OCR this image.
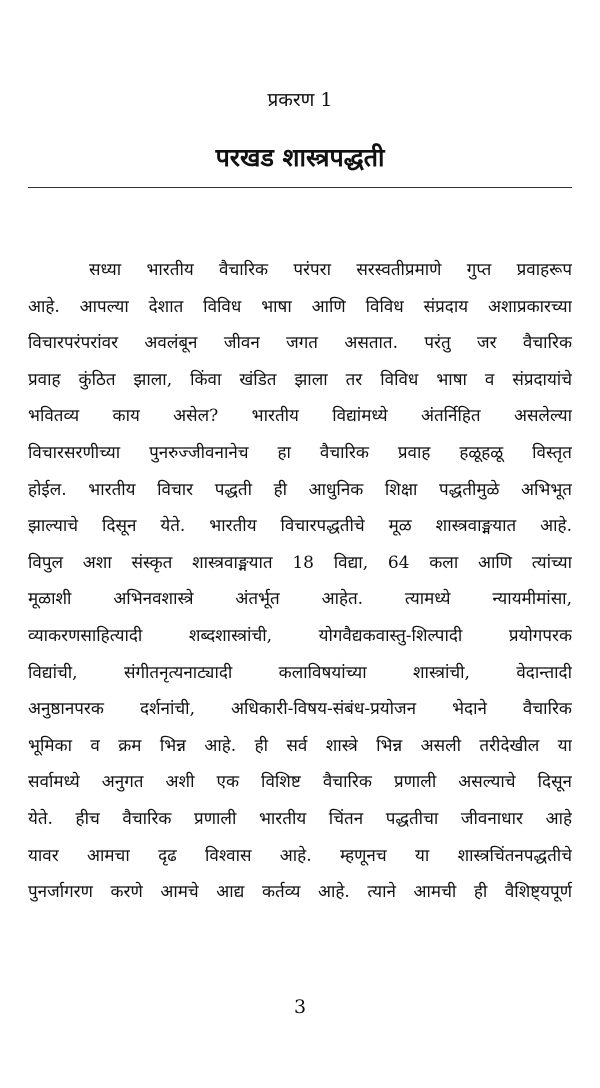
प्रकरण 1
परखड शास्त्रपद्धती
सध्या भारतीय वैचारिक परंपरा सरस्वतीप्रमाणे गुप्त प्रवाहरूप
आहे. आपल्या देशात विविध भाषा आणि विविध संप्रदाय अशाप्रकारच्या
विचारपरंपरांवर अवलंबून जीवन जगत असतात. परंतु जर वैचारिक
प्रवाह कुंठित झाला, किंवा खंडित झाला तर विविध भाषा व संप्रदायांचे
भवितव्य काय असेल? भारतीय विद्यांमध्ये अंतर्निहित असलेल्या
विचारसरणीच्या पुनरुज्जीवनानेच हा वैचारिक प्रवाह हळूहळू विस्तृत
होईल. भारतीय विचार पद्धती ही आधुनिक शिक्षा पद्धतीमुळे अभिभूत
झाल्याचे दिसून येते. भारतीय विचारपद्धतीचे मूळ शास्त्रवाङ्मयात आहे.
विपुल अशा संस्कृत शास्त्रवाङ्मयात 18 विद्या, 64 कला आणि त्यांच्या
मूळाशी अभिनवशास्त्रे अंतर्भूत आहेत. त्यामध्ये न्यायमीमांसा,
व्याकरणसाहित्यादी शब्दशास्त्रांची, योगवैद्यकवास्तु-शिल्पादी प्रयोगपरक
विद्यांची, संगीतनृत्यनाट्यादी कलाविषयांच्या शास्त्रांची, वेदान्तादी
अनुष्ठानपरक दर्शनांची, अधिकारी-विषय-संबंध-प्रयोजन भेदाने वैचारिक
भूमिका व क्रम भिन्न आहे. ही सर्व शास्त्रे भिन्न असली तरीदेखील या
सर्वामध्ये अनुगत अशी एक विशिष्ट वैचारिक प्रणाली असल्याचे दिसून
येते. हीच वैचारिक प्रणाली भारतीय चिंतन पद्धतीचा जीवनाधार आहे
यावर आमचा दृढ विश्वास आहे. म्हणूनच या शास्त्रचिंतनपद्धतीचे
पुनर्जागरण करणे आमचे आद्य कर्तव्य आहे. त्याने आमची ही वैशिष्ट्यपूर्ण
3
